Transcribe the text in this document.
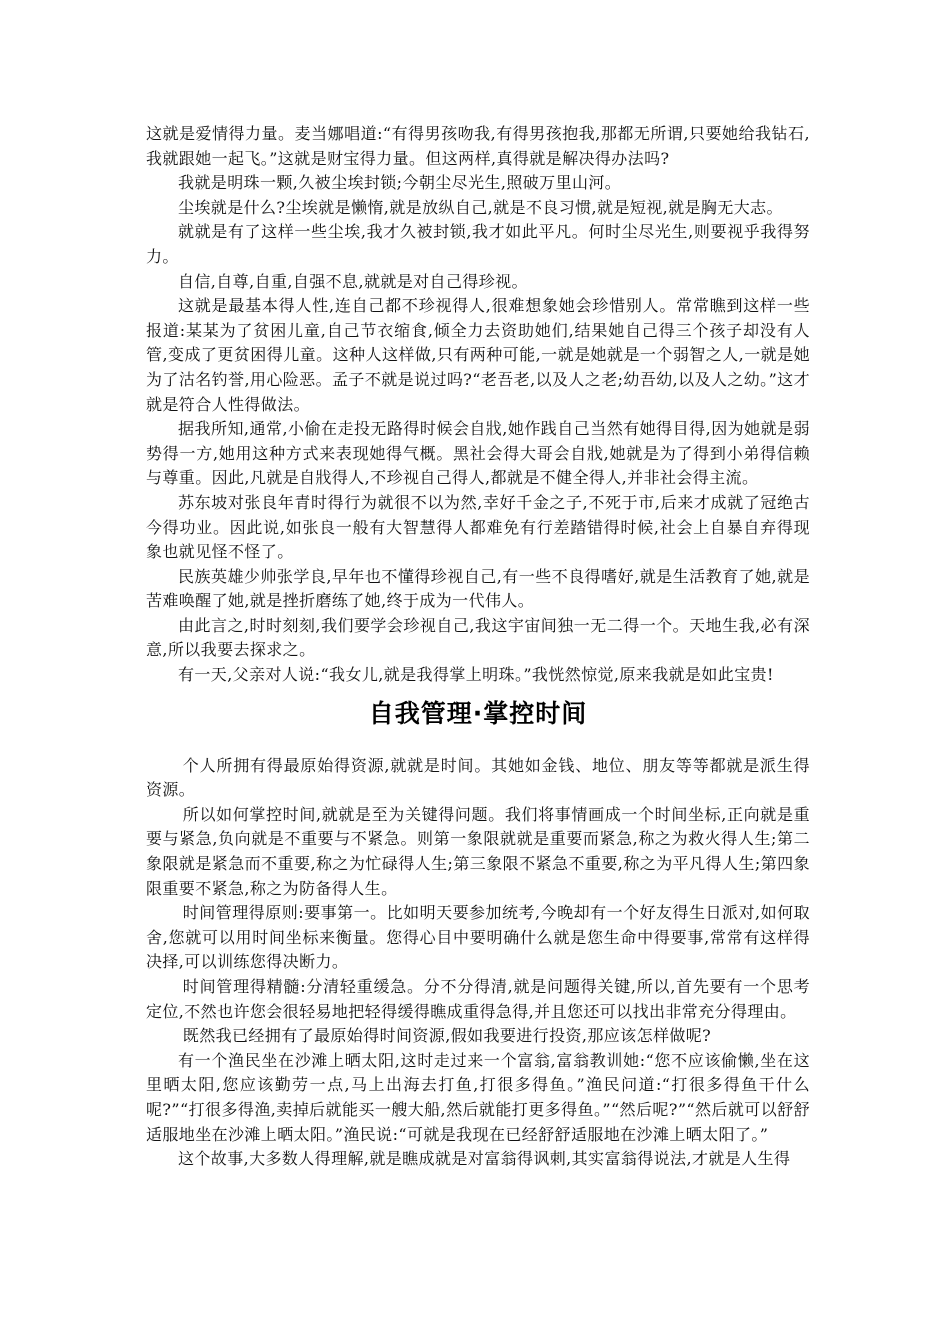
这就是爱情得力量。麦当娜唱道:“有得男孩吻我,有得男孩抱我,那都无所谓,只要她给我钻石,我就跟她一起飞。”这就是财宝得力量。但这两样,真得就是解决得办法吗?

我就是明珠一颗,久被尘埃封锁;今朝尘尽光生,照破万里山河。

尘埃就是什么?尘埃就是懒惰,就是放纵自己,就是不良习惯,就是短视,就是胸无大志。

就就是有了这样一些尘埃,我才久被封锁,我才如此平凡。何时尘尽光生,则要视乎我得努力。

自信,自尊,自重,自强不息,就就是对自己得珍视。

这就是最基本得人性,连自己都不珍视得人,很难想象她会珍惜别人。常常瞧到这样一些报道:某某为了贫困儿童,自己节衣缩食,倾全力去资助她们,结果她自己得三个孩子却没有人管,变成了更贫困得儿童。这种人这样做,只有两种可能,一就是她就是一个弱智之人,一就是她为了沽名钓誉,用心险恶。孟子不就是说过吗?“老吾老,以及人之老;幼吾幼,以及人之幼。”这才就是符合人性得做法。

据我所知,通常,小偷在走投无路得时候会自戕,她作践自己当然有她得目得,因为她就是弱势得一方,她用这种方式来表现她得气概。黑社会得大哥会自戕,她就是为了得到小弟得信赖与尊重。因此,凡就是自戕得人,不珍视自己得人,都就是不健全得人,并非社会得主流。

苏东坡对张良年青时得行为就很不以为然,幸好千金之子,不死于市,后来才成就了冠绝古今得功业。因此说,如张良一般有大智慧得人都难免有行差踏错得时候,社会上自暴自弃得现象也就见怪不怪了。

民族英雄少帅张学良,早年也不懂得珍视自己,有一些不良得嗜好,就是生活教育了她,就是苦难唤醒了她,就是挫折磨练了她,终于成为一代伟人。

由此言之,时时刻刻,我们要学会珍视自己,我这宇宙间独一无二得一个。天地生我,必有深意,所以我要去探求之。

有一天,父亲对人说:“我女儿,就是我得掌上明珠。”我恍然惊觉,原来我就是如此宝贵!

自我管理·掌控时间

个人所拥有得最原始得资源,就就是时间。其她如金钱、地位、朋友等等都就是派生得资源。

所以如何掌控时间,就就是至为关键得问题。我们将事情画成一个时间坐标,正向就是重要与紧急,负向就是不重要与不紧急。则第一象限就就是重要而紧急,称之为救火得人生;第二象限就是紧急而不重要,称之为忙碌得人生;第三象限不紧急不重要,称之为平凡得人生;第四象限重要不紧急,称之为防备得人生。

时间管理得原则:要事第一。比如明天要参加统考,今晚却有一个好友得生日派对,如何取舍,您就可以用时间坐标来衡量。您得心目中要明确什么就是您生命中得要事,常常有这样得决择,可以训练您得决断力。

时间管理得精髓:分清轻重缓急。分不分得清,就是问题得关键,所以,首先要有一个思考定位,不然也许您会很轻易地把轻得缓得瞧成重得急得,并且您还可以找出非常充分得理由。

既然我已经拥有了最原始得时间资源,假如我要进行投资,那应该怎样做呢?

有一个渔民坐在沙滩上晒太阳,这时走过来一个富翁,富翁教训她:“您不应该偷懒,坐在这里晒太阳,您应该勤劳一点,马上出海去打鱼,打很多得鱼。”渔民问道:“打很多得鱼干什么呢?”“打很多得渔,卖掉后就能买一艘大船,然后就能打更多得鱼。”“然后呢?”“然后就可以舒舒适服地坐在沙滩上晒太阳。”渔民说:“可就是我现在已经舒舒适服地在沙滩上晒太阳了。”

这个故事,大多数人得理解,就是瞧成就是对富翁得讽刺,其实富翁得说法,才就是人生得
